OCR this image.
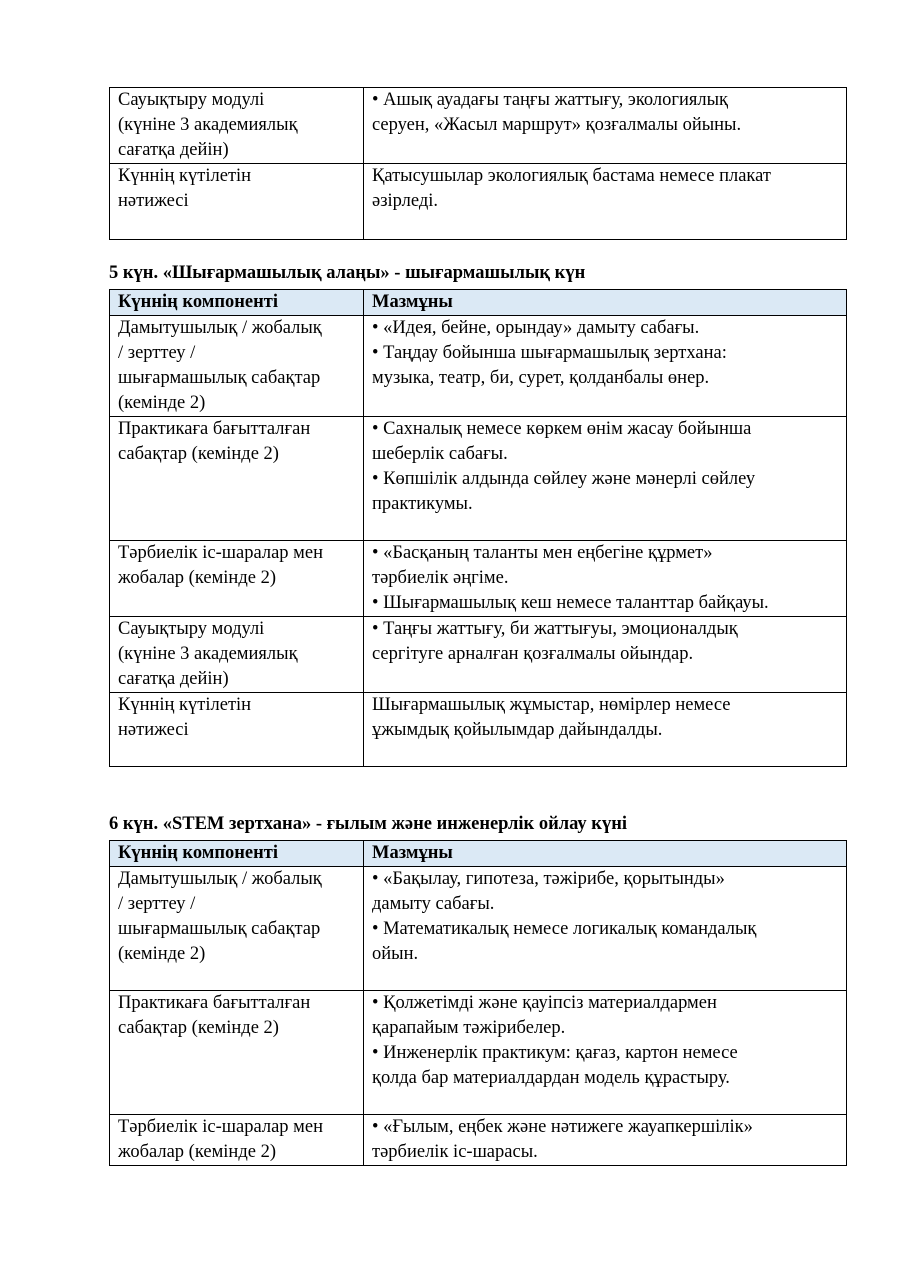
Сауықтыру модулі
(күніне 3 академиялық
сағатқа дейін)	• Ашық ауадағы таңғы жаттығу, экологиялық
серуен, «Жасыл маршрут» қозғалмалы ойыны.

Күннің күтілетін
нәтижесі	Қатысушылар экологиялық бастама немесе плакат
әзірледі.
5 күн. «Шығармашылық алаңы» - шығармашылық күн
Күннің компоненті	Мазмұны

Дамытушылық / жобалық
/ зерттеу /
шығармашылық сабақтар
(кемінде 2)	• «Идея, бейне, орындау» дамыту сабағы.
• Таңдау бойынша шығармашылық зертхана:
музыка, театр, би, сурет, қолданбалы өнер.

Практикаға бағытталған
сабақтар (кемінде 2)	• Сахналық немесе көркем өнім жасау бойынша
шеберлік сабағы.
• Көпшілік алдында сөйлеу және мәнерлі сөйлеу
практикумы.

Тәрбиелік іс-шаралар мен
жобалар (кемінде 2)	• «Басқаның таланты мен еңбегіне құрмет»
тәрбиелік әңгіме.
• Шығармашылық кеш немесе таланттар байқауы.

Сауықтыру модулі
(күніне 3 академиялық
сағатқа дейін)	• Таңғы жаттығу, би жаттығуы, эмоционалдық
сергітуге арналған қозғалмалы ойындар.

Күннің күтілетін
нәтижесі	Шығармашылық жұмыстар, нөмірлер немесе
ұжымдық қойылымдар дайындалды.
6 күн. «STEM зертхана» - ғылым және инженерлік ойлау күні
Күннің компоненті	Мазмұны

Дамытушылық / жобалық
/ зерттеу /
шығармашылық сабақтар
(кемінде 2)	• «Бақылау, гипотеза, тәжірибе, қорытынды»
дамыту сабағы.
• Математикалық немесе логикалық командалық
ойын.

Практикаға бағытталған
сабақтар (кемінде 2)	• Қолжетімді және қауіпсіз материалдармен
қарапайым тәжірибелер.
• Инженерлік практикум: қағаз, картон немесе
қолда бар материалдардан модель құрастыру.

Тәрбиелік іс-шаралар мен
жобалар (кемінде 2)	• «Ғылым, еңбек және нәтижеге жауапкершілік»
тәрбиелік іс-шарасы.
